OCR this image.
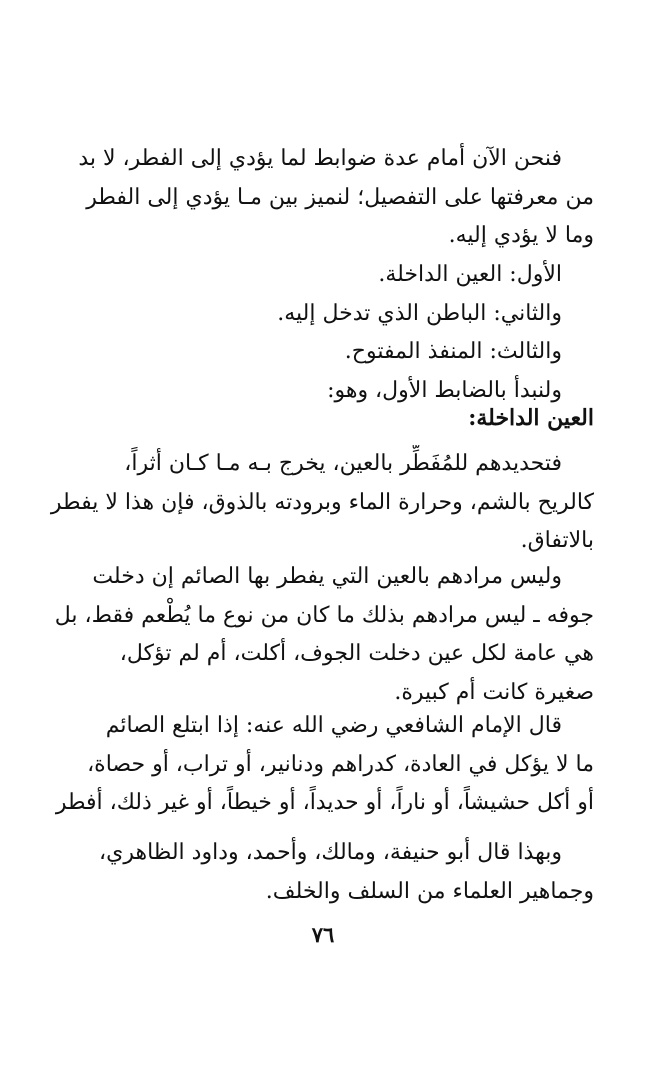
فنحن الآن أمام عدة ضوابط لما يؤدي إلى الفطر، لا بد
من معرفتها على التفصيل؛ لنميز بين مـا يؤدي إلى الفطر
وما لا يؤدي إليه.
الأول: العين الداخلة.
والثاني: الباطن الذي تدخل إليه.
والثالث: المنفذ المفتوح.
ولنبدأ بالضابط الأول، وهو:

العين الداخلة:

فتحديدهم للمُفَطِّر بالعين، يخرج بـه مـا كـان أثراً،
كالريح بالشم، وحرارة الماء وبرودته بالذوق، فإن هذا لا يفطر
بالاتفاق.
وليس مرادهم بالعين التي يفطر بها الصائم إن دخلت
جوفه ـ ليس مرادهم بذلك ما كان من نوع ما يُطْعم فقط، بل
هي عامة لكل عين دخلت الجوف، أكلت، أم لم تؤكل،
صغيرة كانت أم كبيرة.
قال الإمام الشافعي رضي الله عنه: إذا ابتلع الصائم
ما لا يؤكل في العادة، كدراهم ودنانير، أو تراب، أو حصاة،
أو أكل حشيشاً، أو ناراً، أو حديداً، أو خيطاً، أو غير ذلك، أفطر
وبهذا قال أبو حنيفة، ومالك، وأحمد، وداود الظاهري،
وجماهير العلماء من السلف والخلف.

٧٦
